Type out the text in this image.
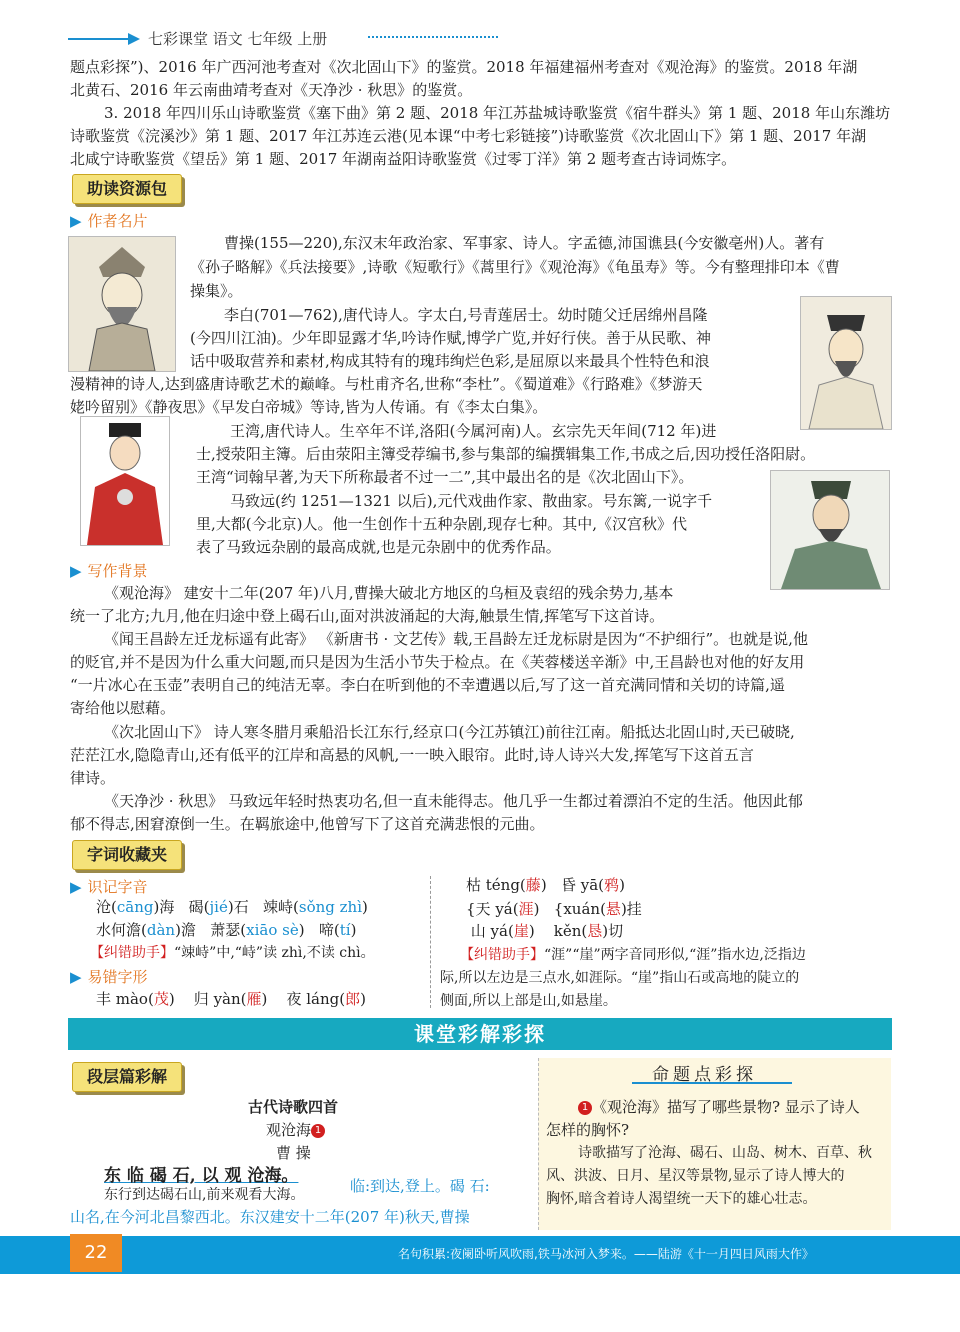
七彩课堂 语文 七年级 上册
题点彩探”)、2016 年广西河池考查对《次北固山下》的鉴赏。2018 年福建福州考查对《观沧海》的鉴赏。2018 年湖
北黄石、2016 年云南曲靖考查对《天净沙 · 秋思》的鉴赏。
3. 2018 年四川乐山诗歌鉴赏《塞下曲》第 2 题、2018 年江苏盐城诗歌鉴赏《宿牛群头》第 1 题、2018 年山东潍坊
诗歌鉴赏《浣溪沙》第 1 题、2017 年江苏连云港(见本课“中考七彩链接”)诗歌鉴赏《次北固山下》第 1 题、2017 年湖
北咸宁诗歌鉴赏《望岳》第 1 题、2017 年湖南益阳诗歌鉴赏《过零丁洋》第 2 题考查古诗词炼字。
助读资源包
▶ 作者名片
曹操(155—220),东汉末年政治家、军事家、诗人。字孟德,沛国谯县(今安徽亳州)人。著有
《孙子略解》《兵法接要》,诗歌《短歌行》《蒿里行》《观沧海》《龟虽寿》等。今有整理排印本《曹
操集》。
李白(701—762),唐代诗人。字太白,号青莲居士。幼时随父迁居绵州昌隆
(今四川江油)。少年即显露才华,吟诗作赋,博学广览,并好行侠。善于从民歌、神
话中吸取营养和素材,构成其特有的瑰玮绚烂色彩,是屈原以来最具个性特色和浪
漫精神的诗人,达到盛唐诗歌艺术的巅峰。与杜甫齐名,世称“李杜”。《蜀道难》《行路难》《梦游天
姥吟留别》《静夜思》《早发白帝城》等诗,皆为人传诵。有《李太白集》。
王湾,唐代诗人。生卒年不详,洛阳(今属河南)人。玄宗先天年间(712 年)进
士,授荥阳主簿。后由荥阳主簿受荐编书,参与集部的编撰辑集工作,书成之后,因功授任洛阳尉。
王湾“词翰早著,为天下所称最者不过一二”,其中最出名的是《次北固山下》。
马致远(约 1251—1321 以后),元代戏曲作家、散曲家。号东篱,一说字千
里,大都(今北京)人。他一生创作十五种杂剧,现存七种。其中,《汉宫秋》代
表了马致远杂剧的最高成就,也是元杂剧中的优秀作品。
▶ 写作背景
《观沧海》 建安十二年(207 年)八月,曹操大破北方地区的乌桓及袁绍的残余势力,基本
统一了北方;九月,他在归途中登上碣石山,面对洪波涌起的大海,触景生情,挥笔写下这首诗。
《闻王昌龄左迁龙标遥有此寄》 《新唐书 · 文艺传》载,王昌龄左迁龙标尉是因为“不护细行”。也就是说,他
的贬官,并不是因为什么重大问题,而只是因为生活小节失于检点。在《芙蓉楼送辛渐》中,王昌龄也对他的好友用
“一片冰心在玉壶”表明自己的纯洁无辜。李白在听到他的不幸遭遇以后,写了这一首充满同情和关切的诗篇,遥
寄给他以慰藉。
《次北固山下》 诗人寒冬腊月乘船沿长江东行,经京口(今江苏镇江)前往江南。船抵达北固山时,天已破晓,
茫茫江水,隐隐青山,还有低平的江岸和高悬的风帆,一一映入眼帘。此时,诗人诗兴大发,挥笔写下这首五言
律诗。
《天净沙 · 秋思》 马致远年轻时热衷功名,但一直未能得志。他几乎一生都过着漂泊不定的生活。他因此郁
郁不得志,困窘潦倒一生。在羁旅途中,他曾写下了这首充满悲恨的元曲。
字词收藏夹
▶ 识记字音
沧(cāng)海 碣(jié)石 竦峙(sǒng zhì)
水何澹(dàn)澹 萧瑟(xiāo sè) 啼(tí)
【纠错助手】“竦峙”中,“峙”读 zhì,不读 chì。
▶ 易错字形
丰 mào(茂) 归 yàn(雁) 夜 láng(郎)
枯 téng(藤) 昏 yā(鸦)
{天 yá(涯)   {xuán(悬)挂
山 yá(崖) kěn(恳)切
【纠错助手】“涯”“崖”两字音同形似,“涯”指水边,泛指边
际,所以左边是三点水,如涯际。“崖”指山石或高地的陡立的
侧面,所以上部是山,如悬崖。
课堂彩解彩探
段层篇彩解
古代诗歌四首
观沧海 1
曹 操
东 临 碣 石, 以 观 沧海。	临:到达,登上。碣 石:
东行到达碣石山,前来观看大海。
山名,在今河北昌黎西北。东汉建安十二年(207 年)秋天,曹操
命题点彩探
1 《观沧海》描写了哪些景物? 显示了诗人
怎样的胸怀?
诗歌描写了沧海、碣石、山岛、树木、百草、秋
风、洪波、日月、星汉等景物,显示了诗人博大的
胸怀,暗含着诗人渴望统一天下的雄心壮志。
22	名句积累:夜阑卧听风吹雨,铁马冰河入梦来。——陆游《十一月四日风雨大作》
